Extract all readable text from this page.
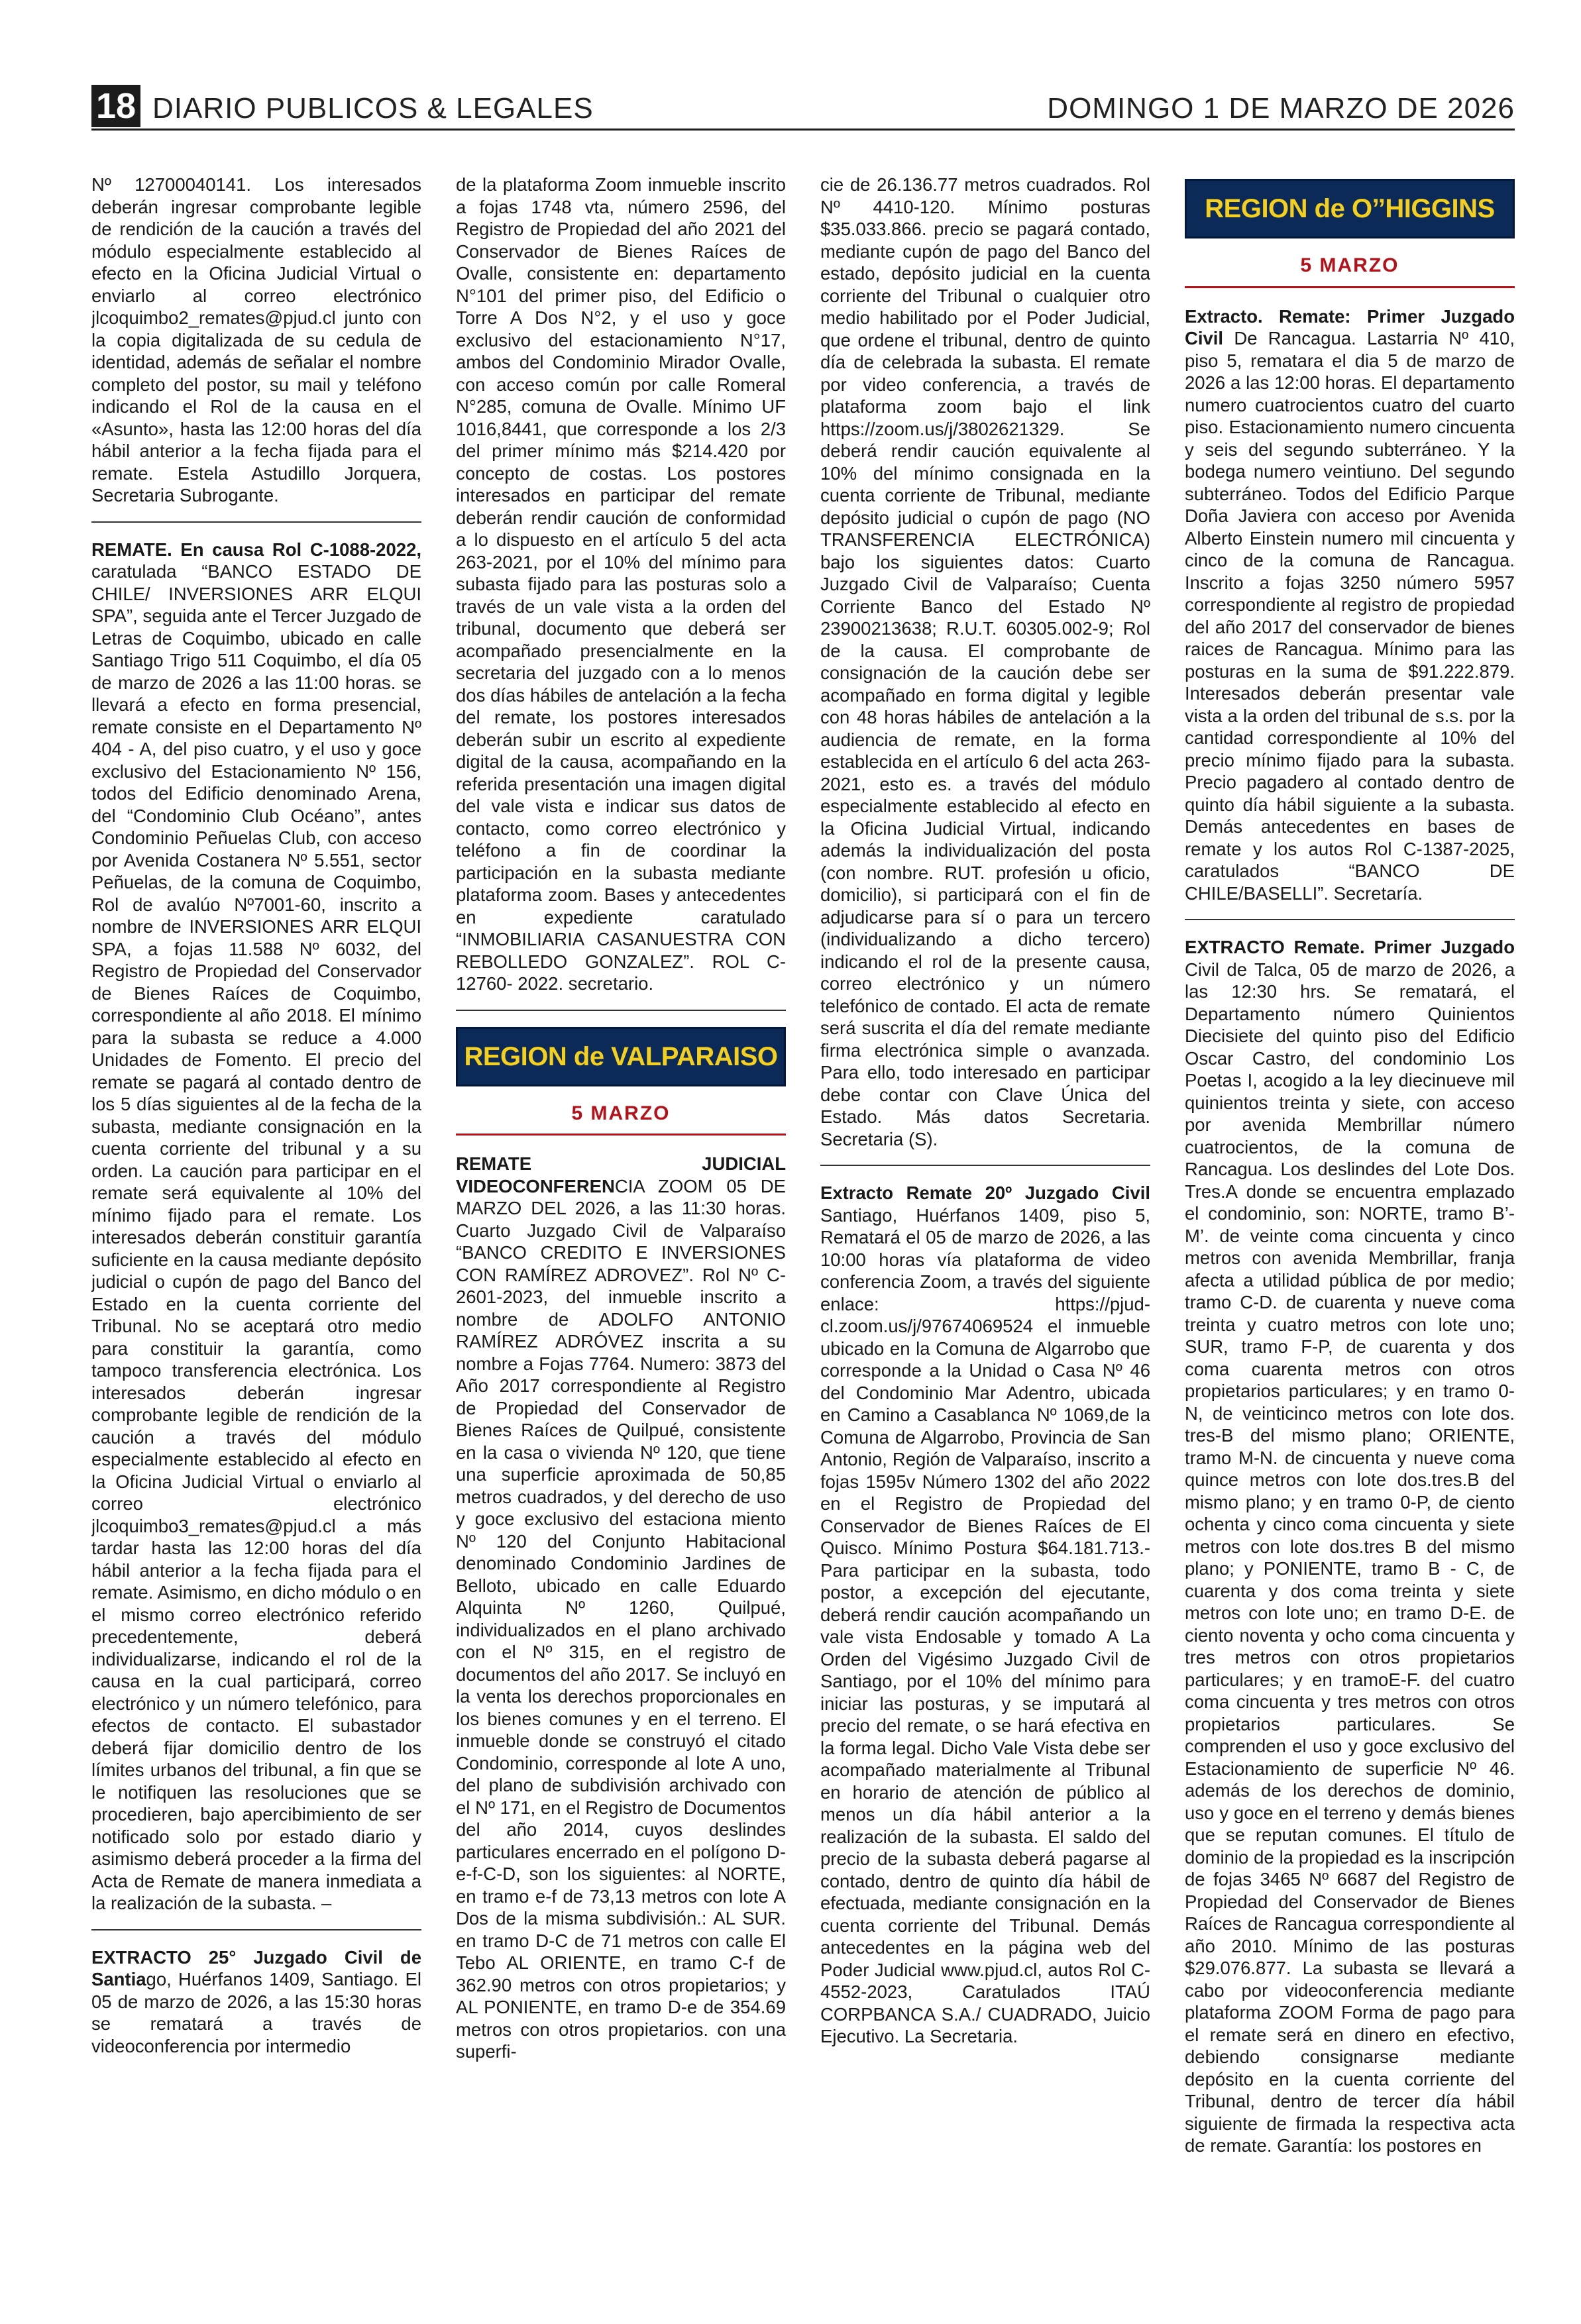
18 DIARIO PUBLICOS & LEGALES	DOMINGO 1 DE MARZO DE 2026

Nº 12700040141. Los interesados deberán ingresar comprobante legible de rendición de la caución a través del módulo especialmente establecido al efecto en la Oficina Judicial Virtual o enviarlo al correo electrónico jlcoquimbo2_remates@pjud.cl junto con la copia digitalizada de su cedula de identidad, además de señalar el nombre completo del postor, su mail y teléfono indicando el Rol de la causa en el «Asunto», hasta las 12:00 horas del día hábil anterior a la fecha fijada para el remate. Estela Astudillo Jorquera, Secretaria Subrogante.

REMATE. En causa Rol C-1088-2022, caratulada “BANCO ESTADO DE CHILE/ INVERSIONES ARR ELQUI SPA”, seguida ante el Tercer Juzgado de Letras de Coquimbo, ubicado en calle Santiago Trigo 511 Coquimbo, el día 05 de marzo de 2026 a las 11:00 horas. se llevará a efecto en forma presencial, remate consiste en el Departamento Nº 404 - A, del piso cuatro, y el uso y goce exclusivo del Estacionamiento Nº 156, todos del Edificio denominado Arena, del “Condominio Club Océano”, antes Condominio Peñuelas Club, con acceso por Avenida Costanera Nº 5.551, sector Peñuelas, de la comuna de Coquimbo, Rol de avalúo Nº7001-60, inscrito a nombre de INVERSIONES ARR ELQUI SPA, a fojas 11.588 Nº 6032, del Registro de Propiedad del Conservador de Bienes Raíces de Coquimbo, correspondiente al año 2018. El mínimo para la subasta se reduce a 4.000 Unidades de Fomento. El precio del remate se pagará al contado dentro de los 5 días siguientes al de la fecha de la subasta, mediante consignación en la cuenta corriente del tribunal y a su orden. La caución para participar en el remate será equivalente al 10% del mínimo fijado para el remate. Los interesados deberán constituir garantía suficiente en la causa mediante depósito judicial o cupón de pago del Banco del Estado en la cuenta corriente del Tribunal. No se aceptará otro medio para constituir la garantía, como tampoco transferencia electrónica. Los interesados deberán ingresar comprobante legible de rendición de la caución a través del módulo especialmente establecido al efecto en la Oficina Judicial Virtual o enviarlo al correo electrónico jlcoquimbo3_remates@pjud.cl a más tardar hasta las 12:00 horas del día hábil anterior a la fecha fijada para el remate. Asimismo, en dicho módulo o en el mismo correo electrónico referido precedentemente, deberá individualizarse, indicando el rol de la causa en la cual participará, correo electrónico y un número telefónico, para efectos de contacto. El subastador deberá fijar domicilio dentro de los límites urbanos del tribunal, a fin que se le notifiquen las resoluciones que se procedieren, bajo apercibimiento de ser notificado solo por estado diario y asimismo deberá proceder a la firma del Acta de Remate de manera inmediata a la realización de la subasta. –

EXTRACTO 25° Juzgado Civil de Santiago, Huérfanos 1409, Santiago. El 05 de marzo de 2026, a las 15:30 horas se rematará a través de videoconferencia por intermedio

de la plataforma Zoom inmueble inscrito a fojas 1748 vta, número 2596, del Registro de Propiedad del año 2021 del Conservador de Bienes Raíces de Ovalle, consistente en: departamento N°101 del primer piso, del Edificio o Torre A Dos N°2, y el uso y goce exclusivo del estacionamiento N°17, ambos del Condominio Mirador Ovalle, con acceso común por calle Romeral N°285, comuna de Ovalle. Mínimo UF 1016,8441, que corresponde a los 2/3 del primer mínimo más $214.420 por concepto de costas. Los postores interesados en participar del remate deberán rendir caución de conformidad a lo dispuesto en el artículo 5 del acta 263-2021, por el 10% del mínimo para subasta fijado para las posturas solo a través de un vale vista a la orden del tribunal, documento que deberá ser acompañado presencialmente en la secretaria del juzgado con a lo menos dos días hábiles de antelación a la fecha del remate, los postores interesados deberán subir un escrito al expediente digital de la causa, acompañando en la referida presentación una imagen digital del vale vista e indicar sus datos de contacto, como correo electrónico y teléfono a fin de coordinar la participación en la subasta mediante plataforma zoom. Bases y antecedentes en expediente caratulado “INMOBILIARIA CASANUESTRA CON REBOLLEDO GONZALEZ”. ROL C-12760- 2022. secretario.

REGION de VALPARAISO
5 MARZO

REMATE JUDICIAL VIDEOCONFERENCIA ZOOM 05 DE MARZO DEL 2026, a las 11:30 horas. Cuarto Juzgado Civil de Valparaíso “BANCO CREDITO E INVERSIONES CON RAMÍREZ ADROVEZ”. Rol Nº C-2601-2023, del inmueble inscrito a nombre de ADOLFO ANTONIO RAMÍREZ ADRÓVEZ inscrita a su nombre a Fojas 7764. Numero: 3873 del Año 2017 correspondiente al Registro de Propiedad del Conservador de Bienes Raíces de Quilpué, consistente en la casa o vivienda Nº 120, que tiene una superficie aproximada de 50,85 metros cuadrados, y del derecho de uso y goce exclusivo del estaciona miento Nº 120 del Conjunto Habitacional denominado Condominio Jardines de Belloto, ubicado en calle Eduardo Alquinta Nº 1260, Quilpué, individualizados en el plano archivado con el Nº 315, en el registro de documentos del año 2017. Se incluyó en la venta los derechos proporcionales en los bienes comunes y en el terreno. El inmueble donde se construyó el citado Condominio, corresponde al lote A uno, del plano de subdivisión archivado con el Nº 171, en el Registro de Documentos del año 2014, cuyos deslindes particulares encerrado en el polígono D-e-f-C-D, son los siguientes: al NORTE, en tramo e-f de 73,13 metros con lote A Dos de la misma subdivisión.: AL SUR. en tramo D-C de 71 metros con calle El Tebo AL ORIENTE, en tramo C-f de 362.90 metros con otros propietarios; y AL PONIENTE, en tramo D-e de 354.69 metros con otros propietarios. con una superfi-

cie de 26.136.77 metros cuadrados. Rol Nº 4410-120. Mínimo posturas $35.033.866. precio se pagará contado, mediante cupón de pago del Banco del estado, depósito judicial en la cuenta corriente del Tribunal o cualquier otro medio habilitado por el Poder Judicial, que ordene el tribunal, dentro de quinto día de celebrada la subasta. El remate por video conferencia, a través de plataforma zoom bajo el link https://zoom.us/j/3802621329. Se deberá rendir caución equivalente al 10% del mínimo consignada en la cuenta corriente de Tribunal, mediante depósito judicial o cupón de pago (NO TRANSFERENCIA ELECTRÓNICA) bajo los siguientes datos: Cuarto Juzgado Civil de Valparaíso; Cuenta Corriente Banco del Estado Nº 23900213638; R.U.T. 60305.002-9; Rol de la causa. El comprobante de consignación de la caución debe ser acompañado en forma digital y legible con 48 horas hábiles de antelación a la audiencia de remate, en la forma establecida en el artículo 6 del acta 263-2021, esto es. a través del módulo especialmente establecido al efecto en la Oficina Judicial Virtual, indicando además la individualización del posta (con nombre. RUT. profesión u oficio, domicilio), si participará con el fin de adjudicarse para sí o para un tercero (individualizando a dicho tercero) indicando el rol de la presente causa, correo electrónico y un número telefónico de contado. El acta de remate será suscrita el día del remate mediante firma electrónica simple o avanzada. Para ello, todo interesado en participar debe contar con Clave Única del Estado. Más datos Secretaria. Secretaria (S).

Extracto Remate 20º Juzgado Civil Santiago, Huérfanos 1409, piso 5, Rematará el 05 de marzo de 2026, a las 10:00 horas vía plataforma de video conferencia Zoom, a través del siguiente enlace: https://pjud-cl.zoom.us/j/97674069524 el inmueble ubicado en la Comuna de Algarrobo que corresponde a la Unidad o Casa Nº 46 del Condominio Mar Adentro, ubicada en Camino a Casablanca Nº 1069,de la Comuna de Algarrobo, Provincia de San Antonio, Región de Valparaíso, inscrito a fojas 1595v Número 1302 del año 2022 en el Registro de Propiedad del Conservador de Bienes Raíces de El Quisco. Mínimo Postura $64.181.713.- Para participar en la subasta, todo postor, a excepción del ejecutante, deberá rendir caución acompañando un vale vista Endosable y tomado A La Orden del Vigésimo Juzgado Civil de Santiago, por el 10% del mínimo para iniciar las posturas, y se imputará al precio del remate, o se hará efectiva en la forma legal. Dicho Vale Vista debe ser acompañado materialmente al Tribunal en horario de atención de público al menos un día hábil anterior a la realización de la subasta. El saldo del precio de la subasta deberá pagarse al contado, dentro de quinto día hábil de efectuada, mediante consignación en la cuenta corriente del Tribunal. Demás antecedentes en la página web del Poder Judicial www.pjud.cl, autos Rol C-4552-2023, Caratulados ITAÚ CORPBANCA S.A./ CUADRADO, Juicio Ejecutivo. La Secretaria.

REGION de O’’HIGGINS
5 MARZO

Extracto. Remate: Primer Juzgado Civil De Rancagua. Lastarria Nº 410, piso 5, rematara el dia 5 de marzo de 2026 a las 12:00 horas. El departamento numero cuatrocientos cuatro del cuarto piso. Estacionamiento numero cincuenta y seis del segundo subterráneo. Y la bodega numero veintiuno. Del segundo subterráneo. Todos del Edificio Parque Doña Javiera con acceso por Avenida Alberto Einstein numero mil cincuenta y cinco de la comuna de Rancagua. Inscrito a fojas 3250 número 5957 correspondiente al registro de propiedad del año 2017 del conservador de bienes raices de Rancagua. Mínimo para las posturas en la suma de $91.222.879. Interesados deberán presentar vale vista a la orden del tribunal de s.s. por la cantidad correspondiente al 10% del precio mínimo fijado para la subasta. Precio pagadero al contado dentro de quinto día hábil siguiente a la subasta. Demás antecedentes en bases de remate y los autos Rol C-1387-2025, caratulados “BANCO DE CHILE/BASELLI”. Secretaría.

EXTRACTO Remate. Primer Juzgado Civil de Talca, 05 de marzo de 2026, a las 12:30 hrs. Se rematará, el Departamento número Quinientos Diecisiete del quinto piso del Edificio Oscar Castro, del condominio Los Poetas I, acogido a la ley diecinueve mil quinientos treinta y siete, con acceso por avenida Membrillar número cuatrocientos, de la comuna de Rancagua. Los deslindes del Lote Dos. Tres.A donde se encuentra emplazado el condominio, son: NORTE, tramo B’-M’. de veinte coma cincuenta y cinco metros con avenida Membrillar, franja afecta a utilidad pública de por medio; tramo C-D. de cuarenta y nueve coma treinta y cuatro metros con lote uno; SUR, tramo F-P, de cuarenta y dos coma cuarenta metros con otros propietarios particulares; y en tramo 0-N, de veinticinco metros con lote dos. tres-B del mismo plano; ORIENTE, tramo M-N. de cincuenta y nueve coma quince metros con lote dos.tres.B del mismo plano; y en tramo 0-P, de ciento ochenta y cinco coma cincuenta y siete metros con lote dos.tres B del mismo plano; y PONIENTE, tramo B - C, de cuarenta y dos coma treinta y siete metros con lote uno; en tramo D-E. de ciento noventa y ocho coma cincuenta y tres metros con otros propietarios particulares; y en tramoE-F. del cuatro coma cincuenta y tres metros con otros propietarios particulares. Se comprenden el uso y goce exclusivo del Estacionamiento de superficie Nº 46. además de los derechos de dominio, uso y goce en el terreno y demás bienes que se reputan comunes. El título de dominio de la propiedad es la inscripción de fojas 3465 Nº 6687 del Registro de Propiedad del Conservador de Bienes Raíces de Rancagua correspondiente al año 2010. Mínimo de las posturas $29.076.877. La subasta se llevará a cabo por videoconferencia mediante plataforma ZOOM Forma de pago para el remate será en dinero en efectivo, debiendo consignarse mediante depósito en la cuenta corriente del Tribunal, dentro de tercer día hábil siguiente de firmada la respectiva acta de remate. Garantía: los postores en
